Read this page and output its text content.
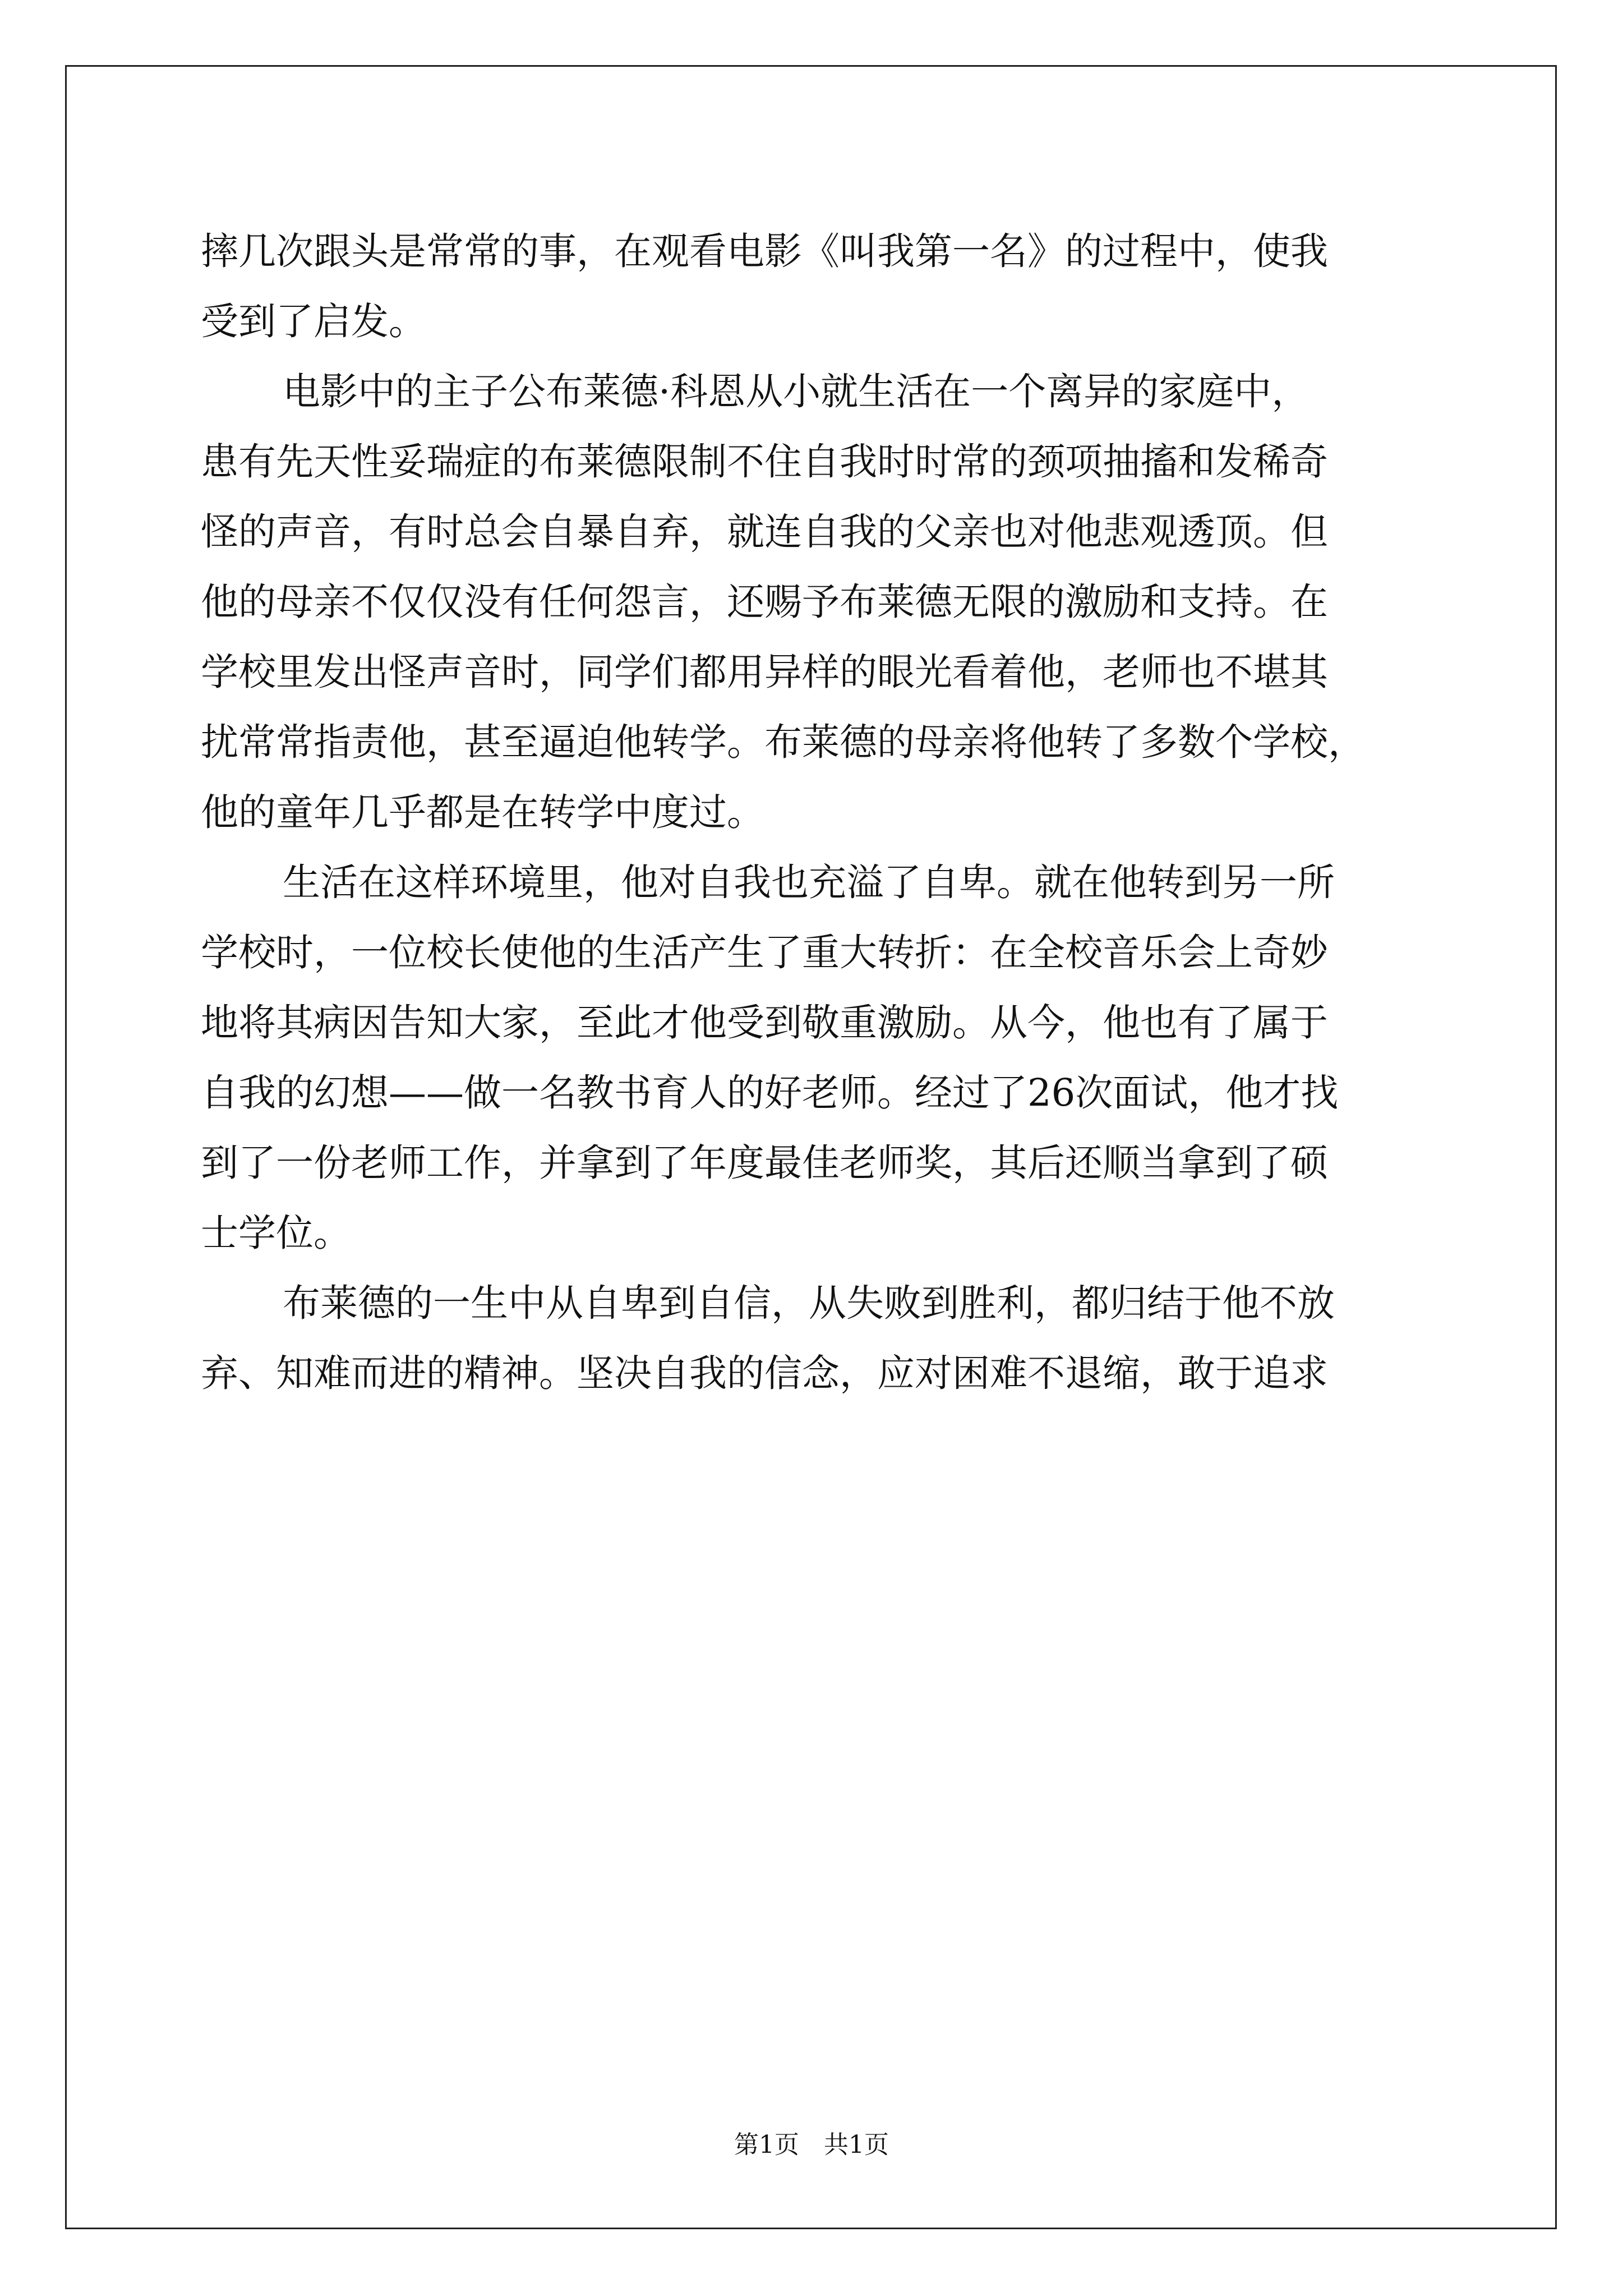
摔几次跟头是常常的事，在观看电影《叫我第一名》的过程中，使我
受到了启发。
电影中的主子公布莱德·科恩从小就生活在一个离异的家庭中，
患有先天性妥瑞症的布莱德限制不住自我时时常的颈项抽搐和发稀奇
怪的声音，有时总会自暴自弃，就连自我的父亲也对他悲观透顶。但
他的母亲不仅仅没有任何怨言，还赐予布莱德无限的激励和支持。在
学校里发出怪声音时，同学们都用异样的眼光看着他，老师也不堪其
扰常常指责他，甚至逼迫他转学。布莱德的母亲将他转了多数个学校，
他的童年几乎都是在转学中度过。
生活在这样环境里，他对自我也充溢了自卑。就在他转到另一所
学校时，一位校长使他的生活产生了重大转折：在全校音乐会上奇妙
地将其病因告知大家，至此才他受到敬重激励。从今，他也有了属于
自我的幻想——做一名教书育人的好老师。经过了26次面试，他才找
到了一份老师工作，并拿到了年度最佳老师奖，其后还顺当拿到了硕
士学位。
布莱德的一生中从自卑到自信，从失败到胜利，都归结于他不放
弃、知难而进的精神。坚决自我的信念，应对困难不退缩，敢于追求
第1页　共1页
